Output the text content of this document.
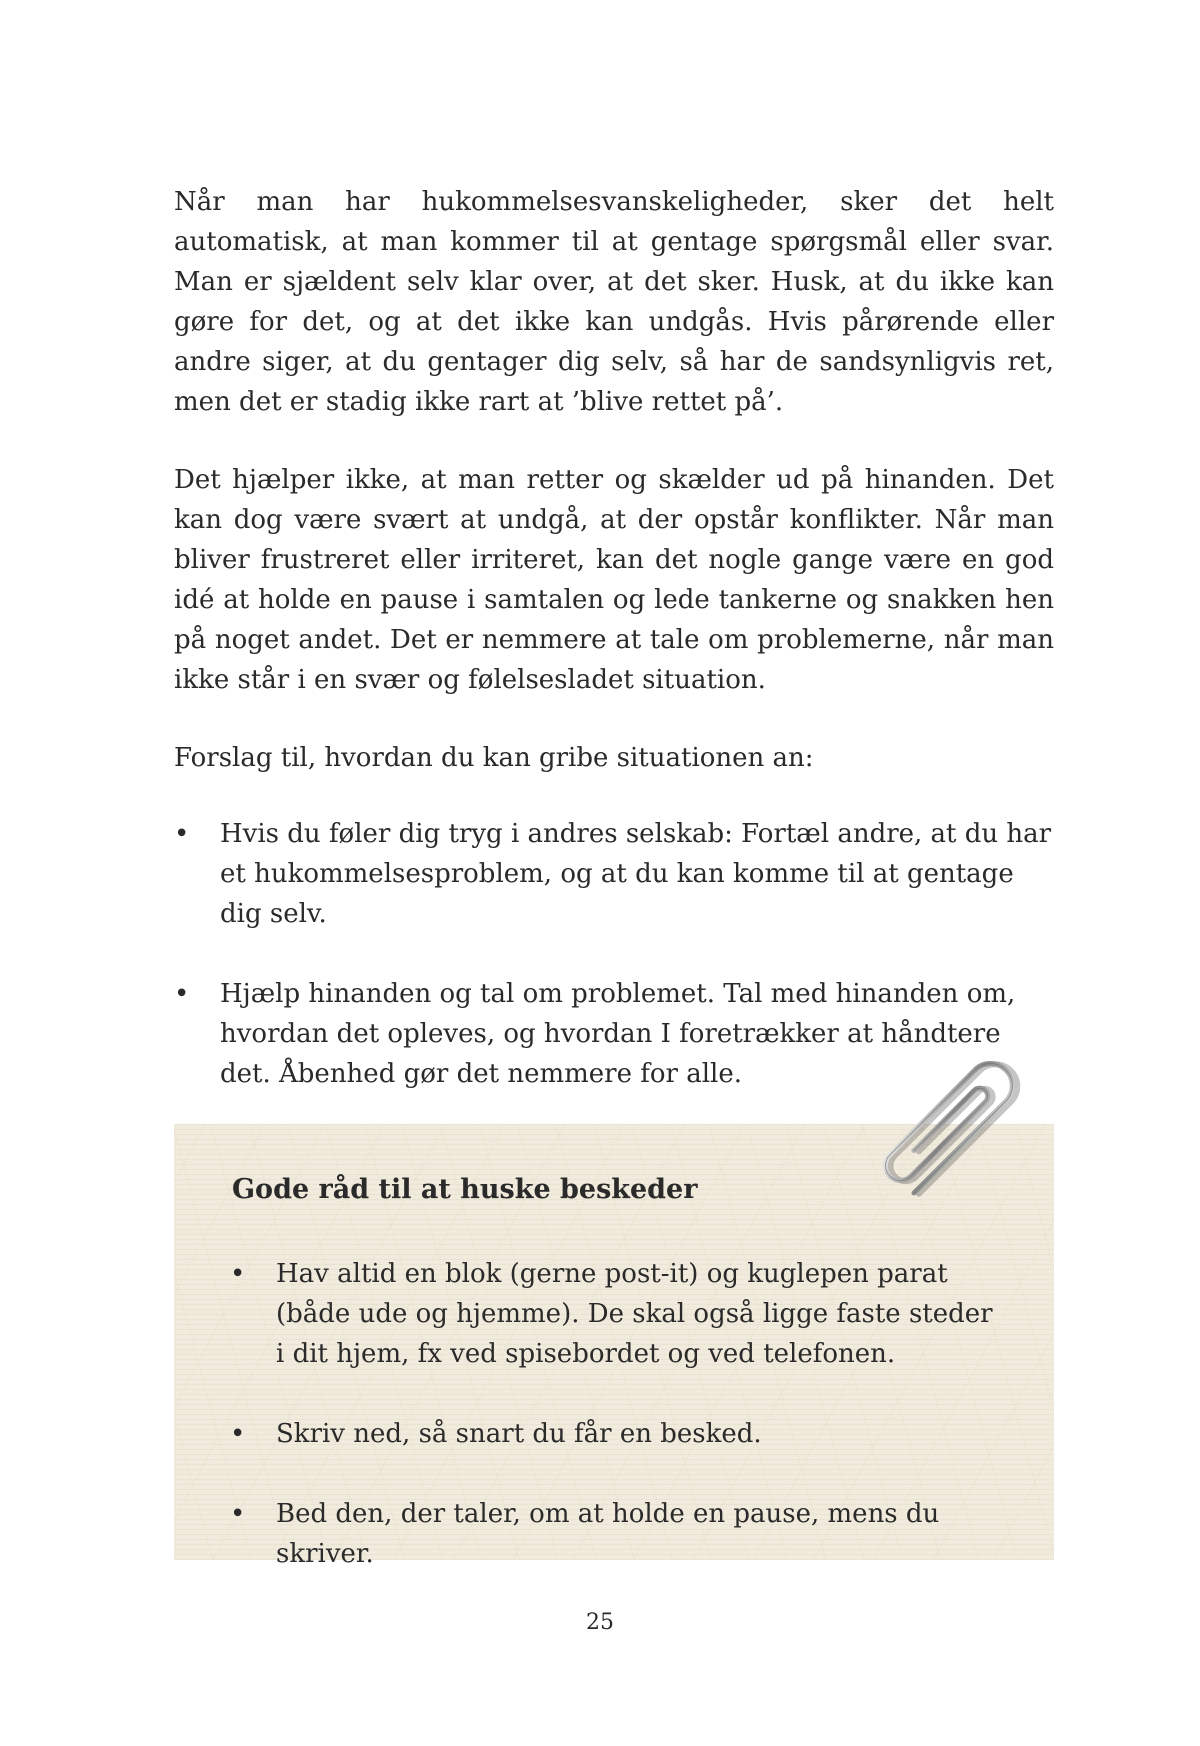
Når man har hukommelsesvanskeligheder, sker det helt automatisk, at man kommer til at gentage spørgsmål eller svar. Man er sjældent selv klar over, at det sker. Husk, at du ikke kan gøre for det, og at det ikke kan undgås. Hvis pårørende eller andre siger, at du gentager dig selv, så har de sandsynligvis ret, men det er stadig ikke rart at ’blive rettet på’.

Det hjælper ikke, at man retter og skælder ud på hinanden. Det kan dog være svært at undgå, at der opstår konflikter. Når man bliver frustreret eller irriteret, kan det nogle gange være en god idé at holde en pause i samtalen og lede tankerne og snakken hen på noget andet. Det er nemmere at tale om problemerne, når man ikke står i en svær og følelsesladet situation.

Forslag til, hvordan du kan gribe situationen an:

• Hvis du føler dig tryg i andres selskab: Fortæl andre, at du har et hukommelsesproblem, og at du kan komme til at gentage dig selv.
• Hjælp hinanden og tal om problemet. Tal med hinanden om, hvordan det opleves, og hvordan I foretrækker at håndtere det. Åbenhed gør det nemmere for alle.
Gode råd til at huske beskeder
• Hav altid en blok (gerne post-it) og kuglepen parat (både ude og hjemme). De skal også ligge faste steder i dit hjem, fx ved spisebordet og ved telefonen.
• Skriv ned, så snart du får en besked.
• Bed den, der taler, om at holde en pause, mens du skriver.
25
